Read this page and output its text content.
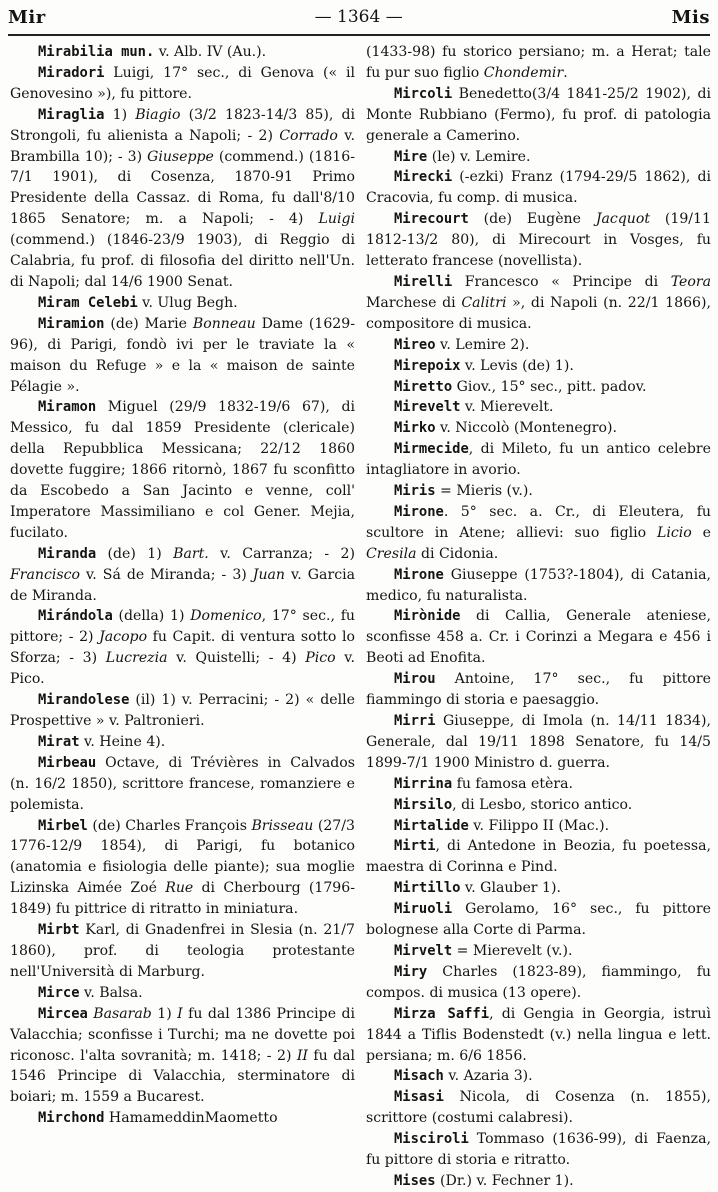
Mir	— 1364 —	Mis

Mirabilia mun. v. Alb. IV (Au.).

Miradori Luigi, 17° sec., di Genova (« il Genovesino »), fu pittore.

Miraglia 1) Biagio (3/2 1823-14/3 85), di Strongoli, fu alienista a Napoli; - 2) Corrado v. Brambilla 10); - 3) Giuseppe (commend.) (1816-7/1 1901), di Cosenza, 1870-91 Primo Presidente della Cassaz. di Roma, fu dall'8/10 1865 Senatore; m. a Napoli; - 4) Luigi (commend.) (1846-23/9 1903), di Reggio di Calabria, fu prof. di filosofia del diritto nell'Un. di Napoli; dal 14/6 1900 Senat.

Miram Celebi v. Ulug Begh.

Miramion (de) Marie Bonneau Dame (1629-96), di Parigi, fondò ivi per le traviate la « maison du Refuge » e la « maison de sainte Pélagie ».

Miramon Miguel (29/9 1832-19/6 67), di Messico, fu dal 1859 Presidente (clericale) della Repubblica Messicana; 22/12 1860 dovette fuggire; 1866 ritornò, 1867 fu sconfitto da Escobedo a San Jacinto e venne, coll' Imperatore Massimiliano e col Gener. Mejia, fucilato.

Miranda (de) 1) Bart. v. Carranza; - 2) Francisco v. Sá de Miranda; - 3) Juan v. Garcia de Miranda.

Mirándola (della) 1) Domenico, 17° sec., fu pittore; - 2) Jacopo fu Capit. di ventura sotto lo Sforza; - 3) Lucrezia v. Quistelli; - 4) Pico v. Pico.

Mirandolese (il) 1) v. Perracini; - 2) « delle Prospettive » v. Paltronieri.

Mirat v. Heine 4).

Mirbeau Octave, di Trévières in Calvados (n. 16/2 1850), scrittore francese, romanziere e polemista.

Mirbel (de) Charles François Brisseau (27/3 1776-12/9 1854), di Parigi, fu botanico (anatomia e fisiologia delle piante); sua moglie Lizinska Aimée Zoé Rue di Cherbourg (1796-1849) fu pittrice di ritratto in miniatura.

Mirbt Karl, di Gnadenfrei in Slesia (n. 21/7 1860), prof. di teologia protestante nell'Università di Marburg.

Mirce v. Balsa.

Mircea Basarab 1) I fu dal 1386 Principe di Valacchia; sconfisse i Turchi; ma ne dovette poi riconosc. l'alta sovranità; m. 1418; - 2) II fu dal 1546 Principe di Valacchia, sterminatore di boiari; m. 1559 a Bucarest.

Mirchond HamameddinMaometto

(1433-98) fu storico persiano; m. a Herat; tale fu pur suo figlio Chondemir.

Mircoli Benedetto(3/4 1841-25/2 1902), di Monte Rubbiano (Fermo), fu prof. di patologia generale a Camerino.

Mire (le) v. Lemire.

Mirecki (-ezki) Franz (1794-29/5 1862), di Cracovia, fu comp. di musica.

Mirecourt (de) Eugène Jacquot (19/11 1812-13/2 80), di Mirecourt in Vosges, fu letterato francese (novellista).

Mirelli Francesco « Principe di Teora Marchese di Calitri », di Napoli (n. 22/1 1866), compositore di musica.

Mireo v. Lemire 2).

Mirepoix v. Levis (de) 1).

Miretto Giov., 15° sec., pitt. padov.

Mirevelt v. Mierevelt.

Mirko v. Niccolò (Montenegro).

Mirmecide, di Mileto, fu un antico celebre intagliatore in avorio.

Miris = Mieris (v.).

Mirone. 5° sec. a. Cr., di Eleutera, fu scultore in Atene; allievi: suo figlio Licio e Cresila di Cidonia.

Mirone Giuseppe (1753?-1804), di Catania, medico, fu naturalista.

Mirònide di Callia, Generale ateniese, sconfisse 458 a. Cr. i Corinzi a Megara e 456 i Beoti ad Enofita.

Mirou Antoine, 17° sec., fu pittore fiammingo di storia e paesaggio.

Mirri Giuseppe, di Imola (n. 14/11 1834), Generale, dal 19/11 1898 Senatore, fu 14/5 1899-7/1 1900 Ministro d. guerra.

Mirrina fu famosa etèra.

Mirsilo, di Lesbo, storico antico.

Mirtalide v. Filippo II (Mac.).

Mirti, di Antedone in Beozia, fu poetessa, maestra di Corinna e Pind.

Mirtillo v. Glauber 1).

Miruoli Gerolamo, 16° sec., fu pittore bolognese alla Corte di Parma.

Mirvelt = Mierevelt (v.).

Miry Charles (1823-89), fiammingo, fu compos. di musica (13 opere).

Mirza Saffi, di Gengia in Georgia, istruì 1844 a Tiflis Bodenstedt (v.) nella lingua e lett. persiana; m. 6/6 1856.

Misach v. Azaria 3).

Misasi Nicola, di Cosenza (n. 1855), scrittore (costumi calabresi).

Misciroli Tommaso (1636-99), di Faenza, fu pittore di storia e ritratto.

Mises (Dr.) v. Fechner 1).
